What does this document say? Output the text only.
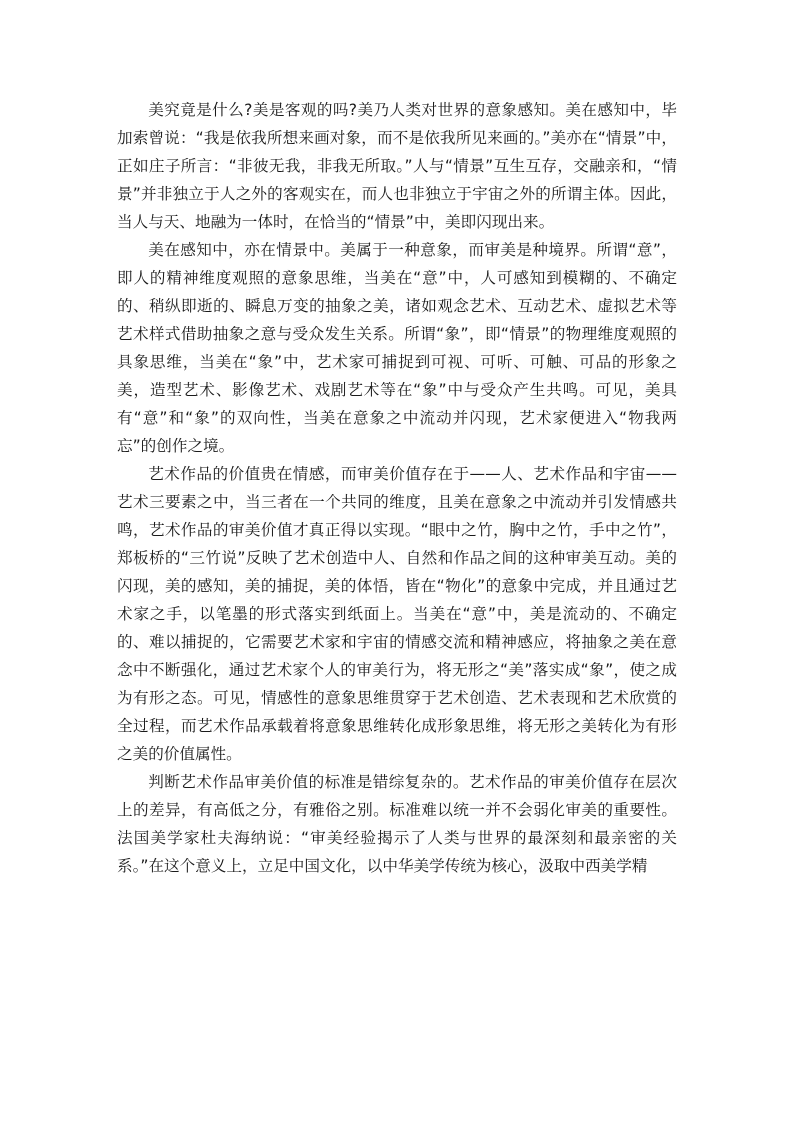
美究竟是什么?美是客观的吗?美乃人类对世界的意象感知。美在感知中，毕加索曾说：“我是依我所想来画对象，而不是依我所见来画的。”美亦在“情景”中，正如庄子所言：“非彼无我，非我无所取。”人与“情景”互生互存，交融亲和，“情景”并非独立于人之外的客观实在，而人也非独立于宇宙之外的所谓主体。因此，当人与天、地融为一体时，在恰当的“情景”中，美即闪现出来。

美在感知中，亦在情景中。美属于一种意象，而审美是种境界。所谓“意”，即人的精神维度观照的意象思维，当美在“意”中，人可感知到模糊的、不确定的、稍纵即逝的、瞬息万变的抽象之美，诸如观念艺术、互动艺术、虚拟艺术等艺术样式借助抽象之意与受众发生关系。所谓“象”，即“情景”的物理维度观照的具象思维，当美在“象”中，艺术家可捕捉到可视、可听、可触、可品的形象之美，造型艺术、影像艺术、戏剧艺术等在“象”中与受众产生共鸣。可见，美具有“意”和“象”的双向性，当美在意象之中流动并闪现，艺术家便进入“物我两忘”的创作之境。

艺术作品的价值贵在情感，而审美价值存在于——人、艺术作品和宇宙——艺术三要素之中，当三者在一个共同的维度，且美在意象之中流动并引发情感共鸣，艺术作品的审美价值才真正得以实现。“眼中之竹，胸中之竹，手中之竹”，郑板桥的“三竹说”反映了艺术创造中人、自然和作品之间的这种审美互动。美的闪现，美的感知，美的捕捉，美的体悟，皆在“物化”的意象中完成，并且通过艺术家之手，以笔墨的形式落实到纸面上。当美在“意”中，美是流动的、不确定的、难以捕捉的，它需要艺术家和宇宙的情感交流和精神感应，将抽象之美在意念中不断强化，通过艺术家个人的审美行为，将无形之“美”落实成“象”，使之成为有形之态。可见，情感性的意象思维贯穿于艺术创造、艺术表现和艺术欣赏的全过程，而艺术作品承载着将意象思维转化成形象思维，将无形之美转化为有形之美的价值属性。

判断艺术作品审美价值的标准是错综复杂的。艺术作品的审美价值存在层次上的差异，有高低之分，有雅俗之别。标准难以统一并不会弱化审美的重要性。法国美学家杜夫海纳说：“审美经验揭示了人类与世界的最深刻和最亲密的关系。”在这个意义上，立足中国文化，以中华美学传统为核心，汲取中西美学精
